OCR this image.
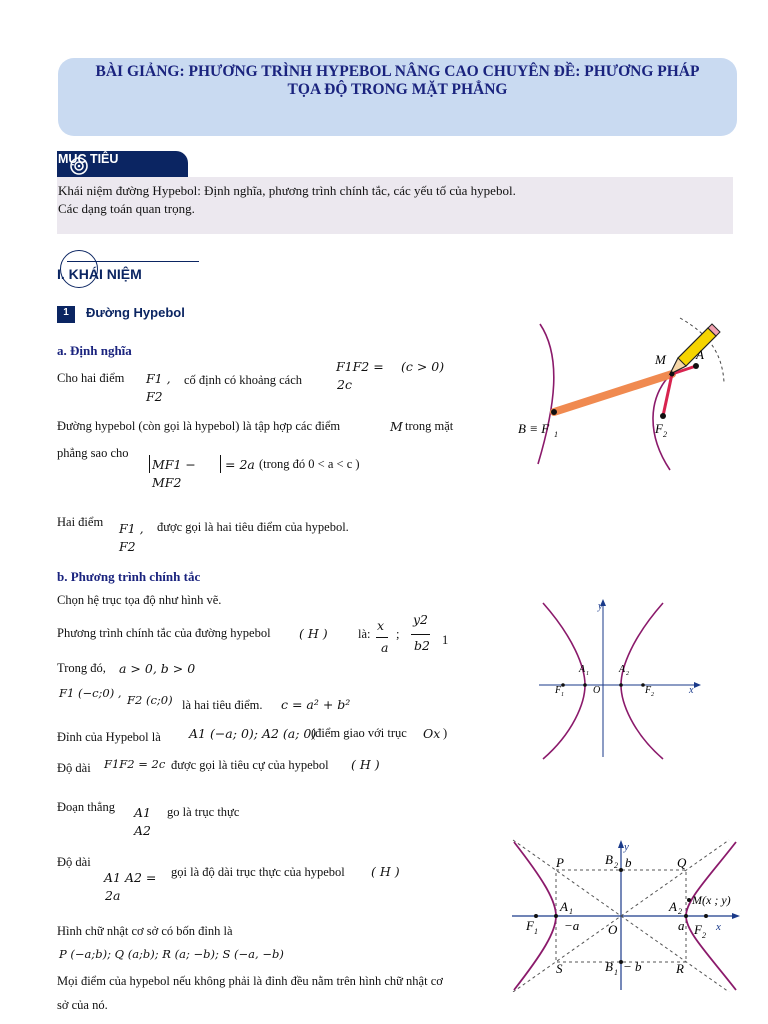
BÀI GIẢNG: PHƯƠNG TRÌNH HYPEBOL NÂNG CAO CHUYÊN ĐỀ: PHƯƠNG PHÁP
TỌA ĐỘ TRONG MẶT PHẲNG
MỤC TIÊU
Khái niệm đường Hypebol: Định nghĩa, phương trình chính tắc, các yếu tố của hypebol.
Các dạng toán quan trọng.
I. KHÁI NIỆM
1	Đường Hypebol
a. Định nghĩa
Cho hai điểm F1 ,
F2
cố định có khoảng cách
F1F2 = (c > 0)
2c
Đường hypebol (còn gọi là hypebol) là tập hợp các điểm	M trong mặt
phẳng sao cho
MF1 −
MF2
= 2a (trong đó 0 < a < c )
Hai điểm F1 ,
F2
được gọi là hai tiêu điểm của hypebol.
b. Phương trình chính tắc
Chọn hệ trục tọa độ như hình vẽ.
Phương trình chính tắc của đường hypebol ( H ) là:
x
a
;
y2
b2 1
Trong đó, a > 0, b > 0
F1 (−c;0) , F2 (c;0) là hai tiêu điểm. c = a² + b²
Đỉnh của Hypebol là A1 (−a; 0); A2 (a; 0)
(điểm giao với trục Ox )
Độ dài F1F2 = 2c được gọi là tiêu cự của hypebol ( H )
Đoạn thẳng A1
A2
go là trục thực
Độ dài
A1 A2 =
2a
gọi là độ dài trục thực của hypebol ( H )
Hình chữ nhật cơ sở có bốn đỉnh là
P (−a;b); Q (a;b); R (a; −b); S (−a, −b)
Mọi điểm của hypebol nếu không phải là đỉnh đều nằm trên hình chữ nhật cơ
sở của nó.
B ≡ F 1	F 2
M A
y
x
O
A 1	A 2
F 1	F 2
P	Q
R
S
B 2 b
B 1 − b
A 1
−a
A 2
a
F 1	F 2
O
y
x
M(x ; y)
